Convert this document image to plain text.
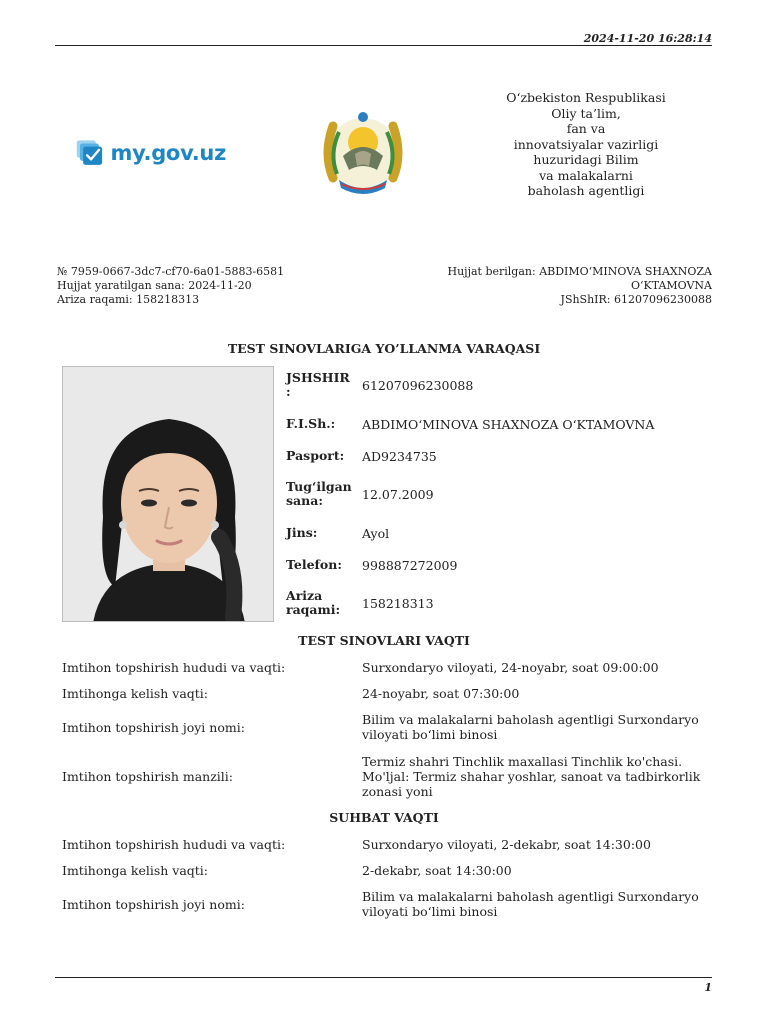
2024-11-20 16:28:14
my.gov.uz
O‘zbekiston Respublikasi
Oliy ta’lim,
fan va
innovatsiyalar vazirligi
huzuridagi Bilim
va malakalarni
baholash agentligi
№ 7959-0667-3dc7-cf70-6a01-5883-6581
Hujjat yaratilgan sana: 2024-11-20
Ariza raqami: 158218313
Hujjat berilgan: ABDIMO‘MINOVA SHAXNOZA
O‘KTAMOVNA
JShShIR: 61207096230088
TEST SINOVLARIGA YO’LLANMA VARAQASI
JSHSHIR
:	61207096230088
F.I.Sh.:	ABDIMO‘MINOVA SHAXNOZA O‘KTAMOVNA
Pasport:	AD9234735
Tug‘ilgan
sana:	12.07.2009
Jins:	Ayol
Telefon:	998887272009
Ariza
raqami:	158218313
TEST SINOVLARI VAQTI
Imtihon topshirish hududi va vaqti:	Surxondaryo viloyati, 24-noyabr, soat 09:00:00
Imtihonga kelish vaqti:	24-noyabr, soat 07:30:00
Imtihon topshirish joyi nomi:	Bilim va malakalarni baholash agentligi Surxondaryo viloyati bo‘limi binosi
Imtihon topshirish manzili:
Termiz shahri Tinchlik maxallasi Tinchlik ko'chasi. Mo'ljal: Termiz shahar yoshlar, sanoat va tadbirkorlik zonasi yoni
SUHBAT VAQTI
Imtihon topshirish hududi va vaqti:	Surxondaryo viloyati, 2-dekabr, soat 14:30:00
Imtihonga kelish vaqti:	2-dekabr, soat 14:30:00
Imtihon topshirish joyi nomi:	Bilim va malakalarni baholash agentligi Surxondaryo viloyati bo‘limi binosi
1
